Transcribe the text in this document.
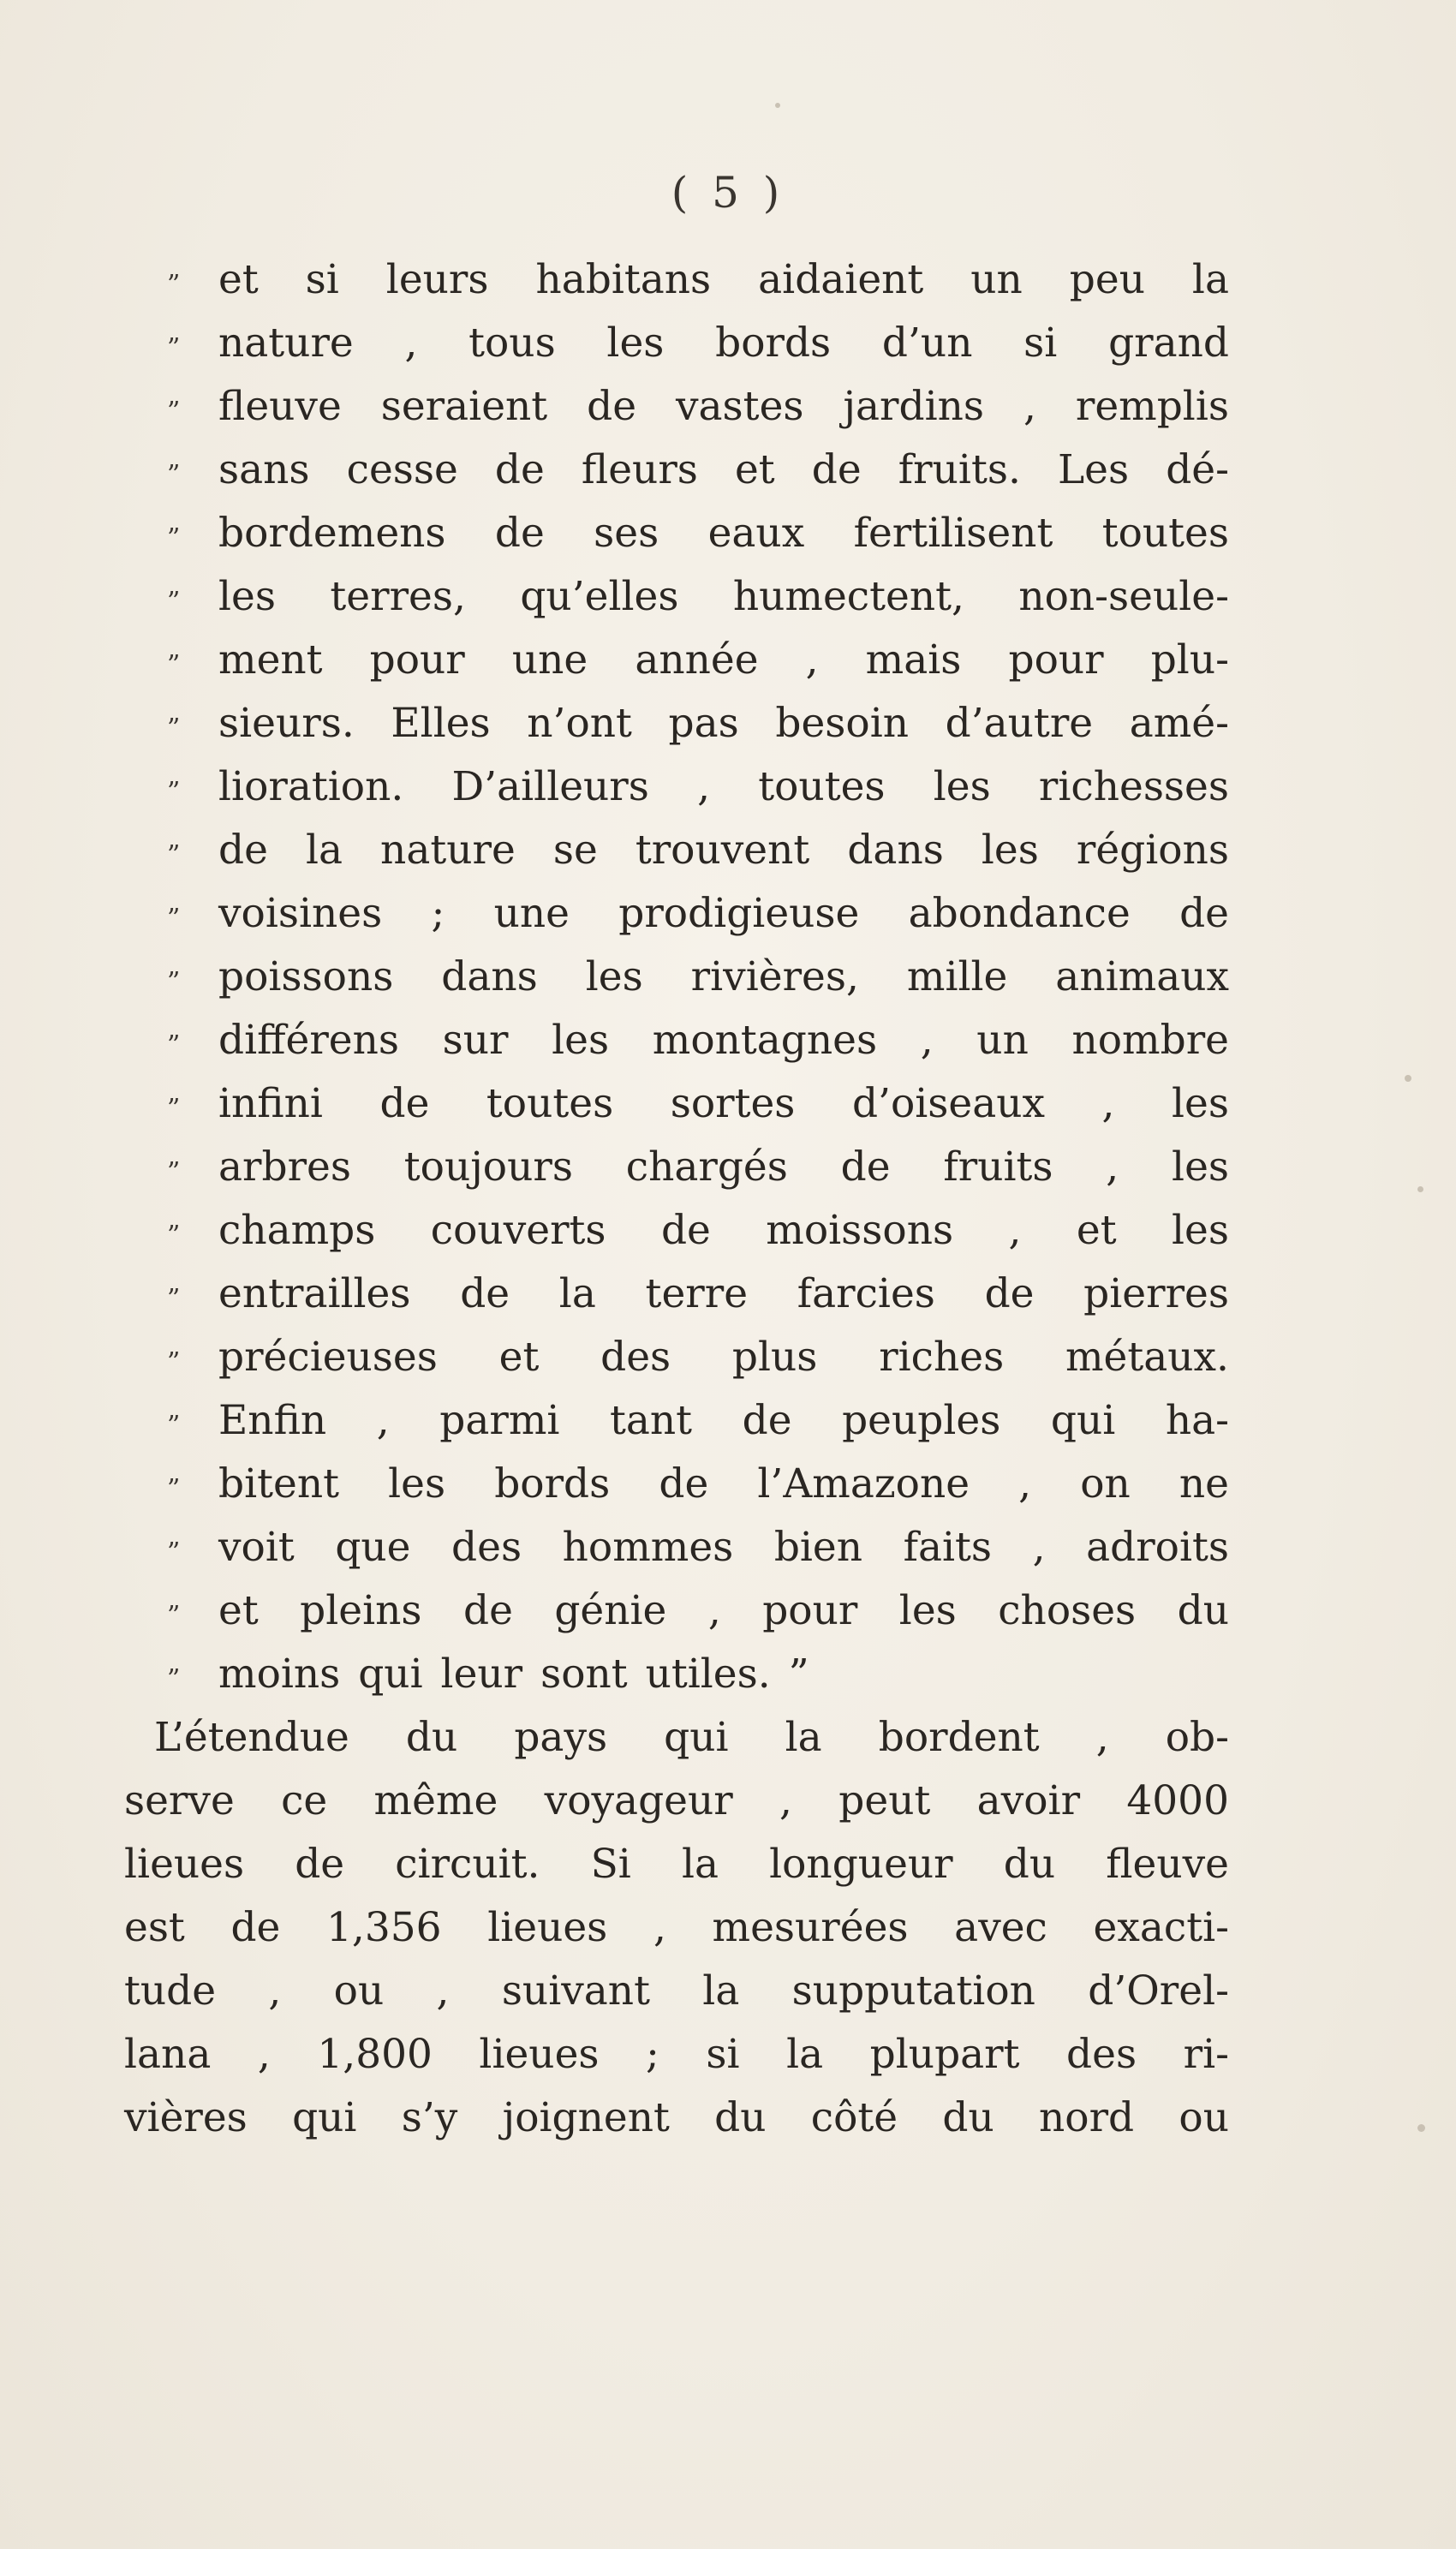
( 5 )
” et si leurs habitans aidaient un peu la
” nature , tous les bords d’un si grand
” fleuve seraient de vastes jardins , remplis
” sans cesse de fleurs et de fruits. Les dé-
” bordemens de ses eaux fertilisent toutes
” les terres, qu’elles humectent, non-seule-
” ment pour une année , mais pour plu-
” sieurs. Elles n’ont pas besoin d’autre amé-
” lioration. D’ailleurs , toutes les richesses
” de la nature se trouvent dans les régions
” voisines ; une prodigieuse abondance de
” poissons dans les rivières, mille animaux
” différens sur les montagnes , un nombre
” infini de toutes sortes d’oiseaux , les
” arbres toujours chargés de fruits , les
” champs couverts de moissons , et les
” entrailles de la terre farcies de pierres
” précieuses et des plus riches métaux.
” Enfin , parmi tant de peuples qui ha-
” bitent les bords de l’Amazone , on ne
” voit que des hommes bien faits , adroits
” et pleins de génie , pour les choses du
” moins qui leur sont utiles. ”
L’étendue du pays qui la bordent , ob-
serve ce même voyageur , peut avoir 4000
lieues de circuit. Si la longueur du fleuve
est de 1,356 lieues , mesurées avec exacti-
tude , ou , suivant la supputation d’Orel-
lana , 1,800 lieues ; si la plupart des ri-
vières qui s’y joignent du côté du nord ou
